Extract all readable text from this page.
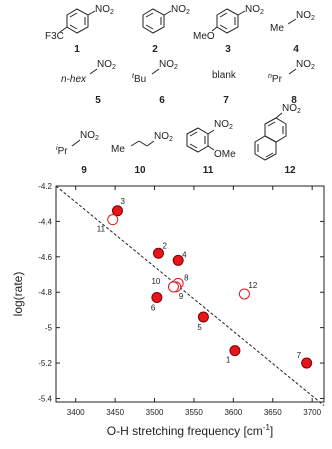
$NO_2$
F3C
$NO_2$	$NO_2$
MeO
Me
$NO_2$
n-hex
$NO_2$
$^t$Bu
$NO_2$
blank	$^n$Pr
$NO_2$
$^i$Pr
$NO_2$
Me
$NO_2$
$NO_2$
OMe
$NO_2$
1	2	3	4
5	6	7	8
9	10	11	12
3400	3450	3500	3550	3600	3650	3700
-4.2
-4.4
-4.6
-4.8
-5
-5.2
-5.4
1
2
3
4
5
6
7
8
9
10
11
12
log(rate)
O-H stretching frequency $[cm^{-1}]$
